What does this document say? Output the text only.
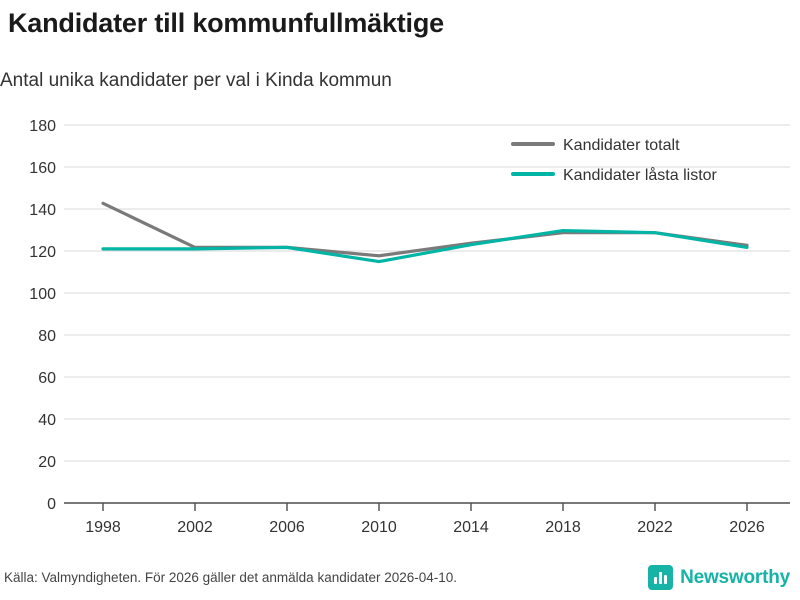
Kandidater till kommunfullmäktige
Antal unika kandidater per val i Kinda kommun
180
160
140
120
100
80
60
40
20
0
1998	2002	2006	2010	2014	2018	2022	2026
Kandidater totalt
Kandidater låsta listor
Källa: Valmyndigheten. För 2026 gäller det anmälda kandidater 2026-04-10.	Newsworthy
